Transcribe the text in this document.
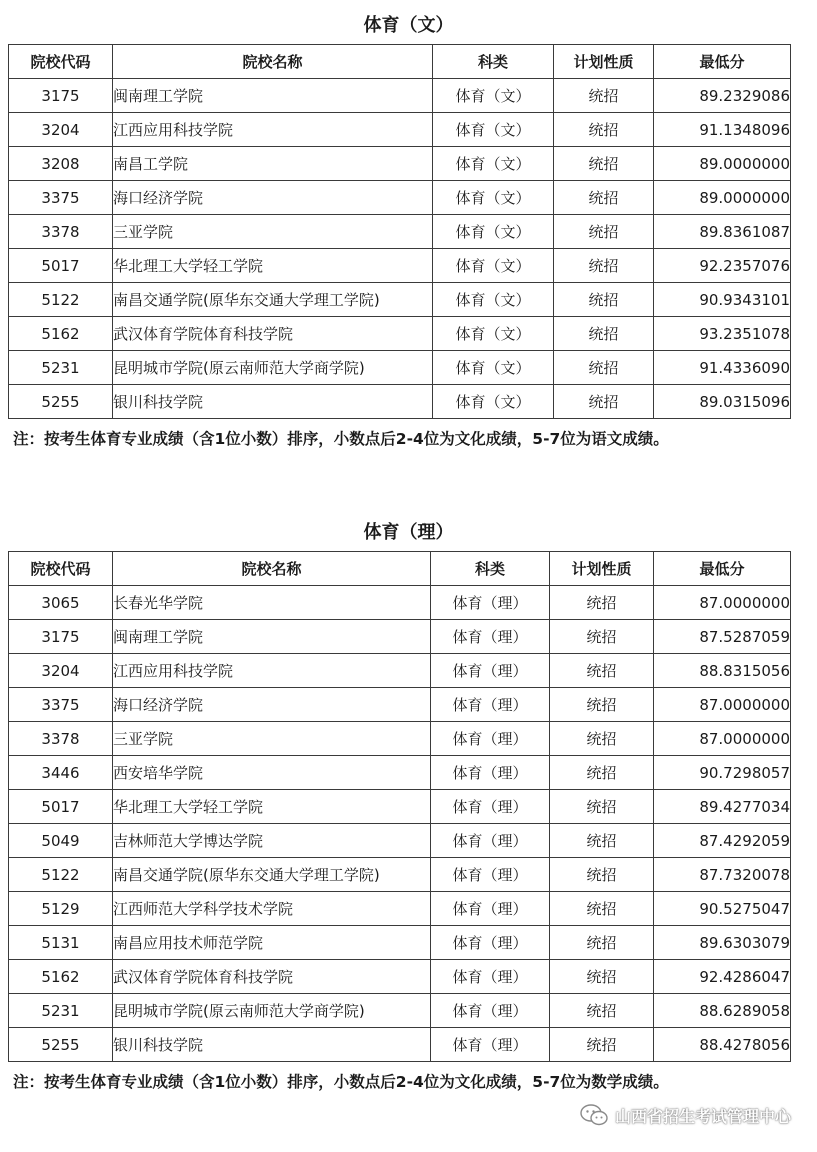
体育（文）
院校代码	院校名称	科类	计划性质	最低分
3175	闽南理工学院	体育（文）	统招	89.2329086
3204	江西应用科技学院	体育（文）	统招	91.1348096
3208	南昌工学院	体育（文）	统招	89.0000000
3375	海口经济学院	体育（文）	统招	89.0000000
3378	三亚学院	体育（文）	统招	89.8361087
5017	华北理工大学轻工学院	体育（文）	统招	92.2357076
5122	南昌交通学院(原华东交通大学理工学院)	体育（文）	统招	90.9343101
5162	武汉体育学院体育科技学院	体育（文）	统招	93.2351078
5231	昆明城市学院(原云南师范大学商学院)	体育（文）	统招	91.4336090
5255	银川科技学院	体育（文）	统招	89.0315096
注：按考生体育专业成绩（含1位小数）排序，小数点后2-4位为文化成绩，5-7位为语文成绩。
体育（理）
院校代码	院校名称	科类	计划性质	最低分
3065	长春光华学院	体育（理）	统招	87.0000000
3175	闽南理工学院	体育（理）	统招	87.5287059
3204	江西应用科技学院	体育（理）	统招	88.8315056
3375	海口经济学院	体育（理）	统招	87.0000000
3378	三亚学院	体育（理）	统招	87.0000000
3446	西安培华学院	体育（理）	统招	90.7298057
5017	华北理工大学轻工学院	体育（理）	统招	89.4277034
5049	吉林师范大学博达学院	体育（理）	统招	87.4292059
5122	南昌交通学院(原华东交通大学理工学院)	体育（理）	统招	87.7320078
5129	江西师范大学科学技术学院	体育（理）	统招	90.5275047
5131	南昌应用技术师范学院	体育（理）	统招	89.6303079
5162	武汉体育学院体育科技学院	体育（理）	统招	92.4286047
5231	昆明城市学院(原云南师范大学商学院)	体育（理）	统招	88.6289058
5255	银川科技学院	体育（理）	统招	88.4278056
注：按考生体育专业成绩（含1位小数）排序，小数点后2-4位为文化成绩，5-7位为数学成绩。
山西省招生考试管理中心
